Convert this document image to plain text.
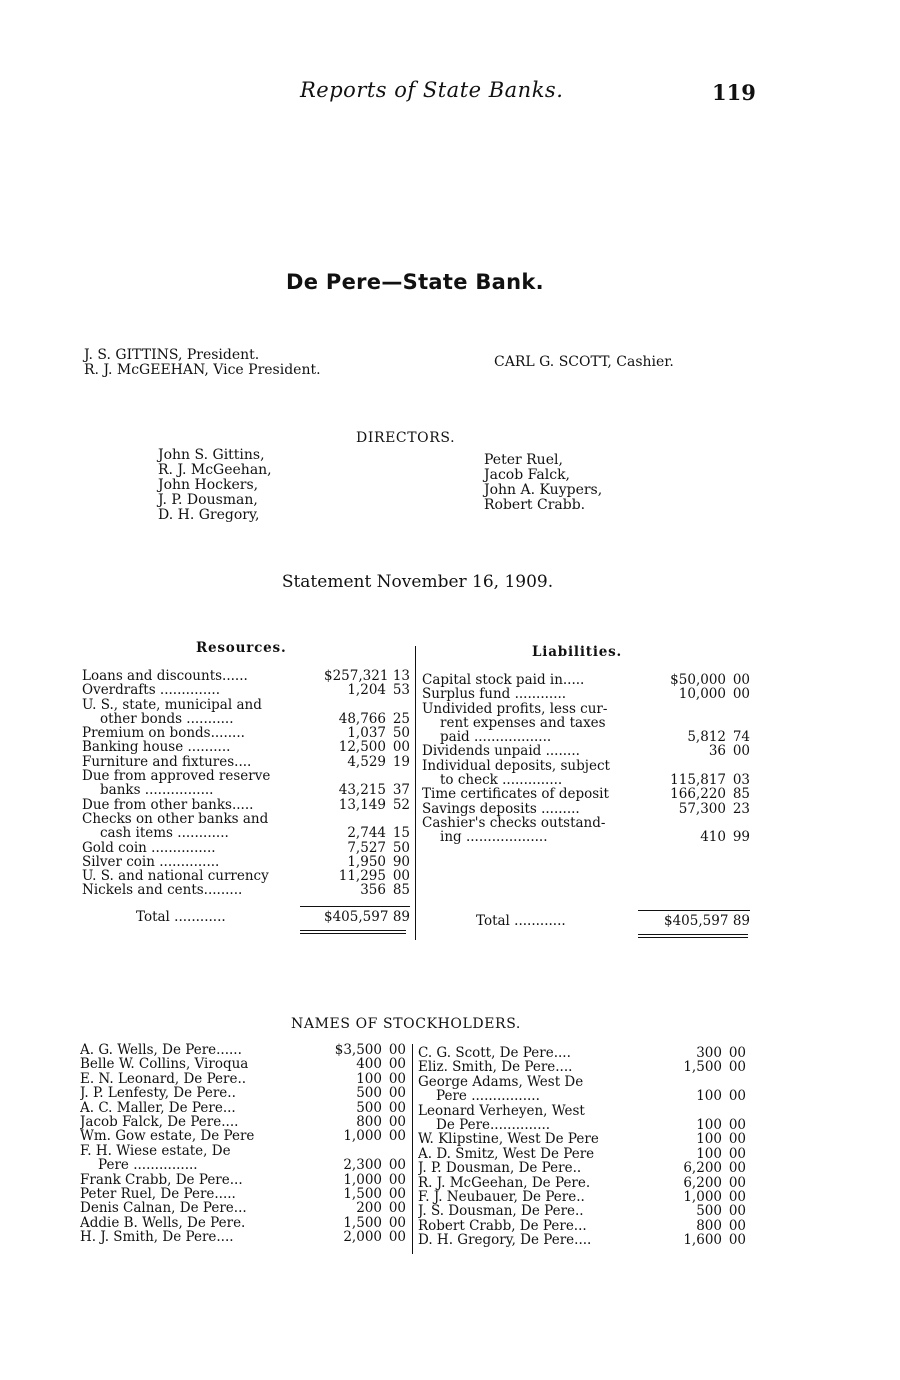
Reports of State Banks.	119
De Pere—State Bank.
J. S. GITTINS, President.
R. J. McGEEHAN, Vice President.	CARL G. SCOTT, Cashier.
DIRECTORS.
John S. Gittins,
R. J. McGeehan,
John Hockers,
J. P. Dousman,
D. H. Gregory,
Peter Ruel,
Jacob Falck,
John A. Kuypers,
Robert Crabb.
Statement November 16, 1909.
Resources.	Liabilities.
Loans and discounts......	$257,321 13
Overdrafts ..............	1,204 53
U. S., state, municipal and
other bonds ...........	48,766 25
Premium on bonds........	1,037 50
Banking house ..........	12,500 00
Furniture and fixtures....	4,529 19
Due from approved reserve
banks ................	43,215 37
Due from other banks.....	13,149 52
Checks on other banks and
cash items ............	2,744 15
Gold coin ...............	7,527 50
Silver coin ..............	1,950 90
U. S. and national currency	11,295 00
Nickels and cents.........	356 85
Total ............	$405,597 89
Capital stock paid in.....	$50,000 00
Surplus fund ............	10,000 00
Undivided profits, less cur-
rent expenses and taxes
paid ..................	5,812 74
Dividends unpaid ........	36 00
Individual deposits, subject
to check ..............	115,817 03
Time certificates of deposit	166,220 85
Savings deposits .........	57,300 23
Cashier's checks outstand-
ing ...................	410 99
Total ............	$405,597 89
NAMES OF STOCKHOLDERS.
A. G. Wells, De Pere......	$3,500 00
Belle W. Collins, Viroqua	400 00
E. N. Leonard, De Pere..	100 00
J. P. Lenfesty, De Pere..	500 00
A. C. Maller, De Pere...	500 00
Jacob Falck, De Pere....	800 00
Wm. Gow estate, De Pere	1,000 00
F. H. Wiese estate, De
Pere ...............	2,300 00
Frank Crabb, De Pere...	1,000 00
Peter Ruel, De Pere.....	1,500 00
Denis Calnan, De Pere...	200 00
Addie B. Wells, De Pere.	1,500 00
H. J. Smith, De Pere....	2,000 00
C. G. Scott, De Pere....	300 00
Eliz. Smith, De Pere....	1,500 00
George Adams, West De
Pere ................	100 00
Leonard Verheyen, West
De Pere..............	100 00
W. Klipstine, West De Pere	100 00
A. D. Smitz, West De Pere	100 00
J. P. Dousman, De Pere..	6,200 00
R. J. McGeehan, De Pere.	6,200 00
F. J. Neubauer, De Pere..	1,000 00
J. S. Dousman, De Pere..	500 00
Robert Crabb, De Pere...	800 00
D. H. Gregory, De Pere....	1,600 00
